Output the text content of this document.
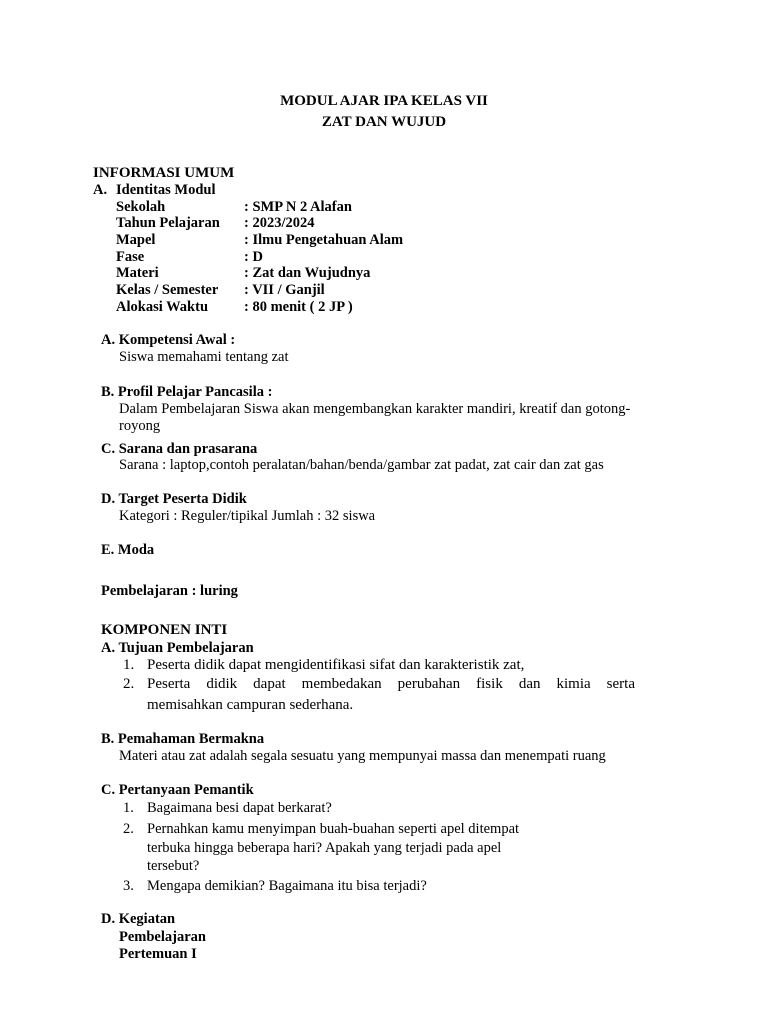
MODUL AJAR IPA KELAS VII
ZAT DAN WUJUD
INFORMASI UMUM
A. Identitas Modul
Sekolah	: SMP N 2 Alafan
Tahun Pelajaran : 2023/2024
Mapel	: Ilmu Pengetahuan Alam
Fase	: D
Materi	: Zat dan Wujudnya
Kelas / Semester : VII / Ganjil
Alokasi Waktu : 80 menit ( 2 JP )
A. Kompetensi Awal :
Siswa memahami tentang zat
B. Profil Pelajar Pancasila :
Dalam Pembelajaran Siswa akan mengembangkan karakter mandiri, kreatif dan gotong-
royong
C. Sarana dan prasarana
Sarana : laptop,contoh peralatan/bahan/benda/gambar zat padat, zat cair dan zat gas
D. Target Peserta Didik
Kategori : Reguler/tipikal Jumlah : 32 siswa
E. Moda
Pembelajaran : luring
KOMPONEN INTI
A. Tujuan Pembelajaran
1. Peserta didik dapat mengidentifikasi sifat dan karakteristik zat,
2. Peserta didik dapat membedakan perubahan fisik dan kimia serta
memisahkan campuran sederhana.
B. Pemahaman Bermakna
Materi atau zat adalah segala sesuatu yang mempunyai massa dan menempati ruang
C. Pertanyaan Pemantik
1. Bagaimana besi dapat berkarat?
2. Pernahkan kamu menyimpan buah-buahan seperti apel ditempat
terbuka hingga beberapa hari? Apakah yang terjadi pada apel
tersebut?
3. Mengapa demikian? Bagaimana itu bisa terjadi?
D. Kegiatan
Pembelajaran
Pertemuan I
